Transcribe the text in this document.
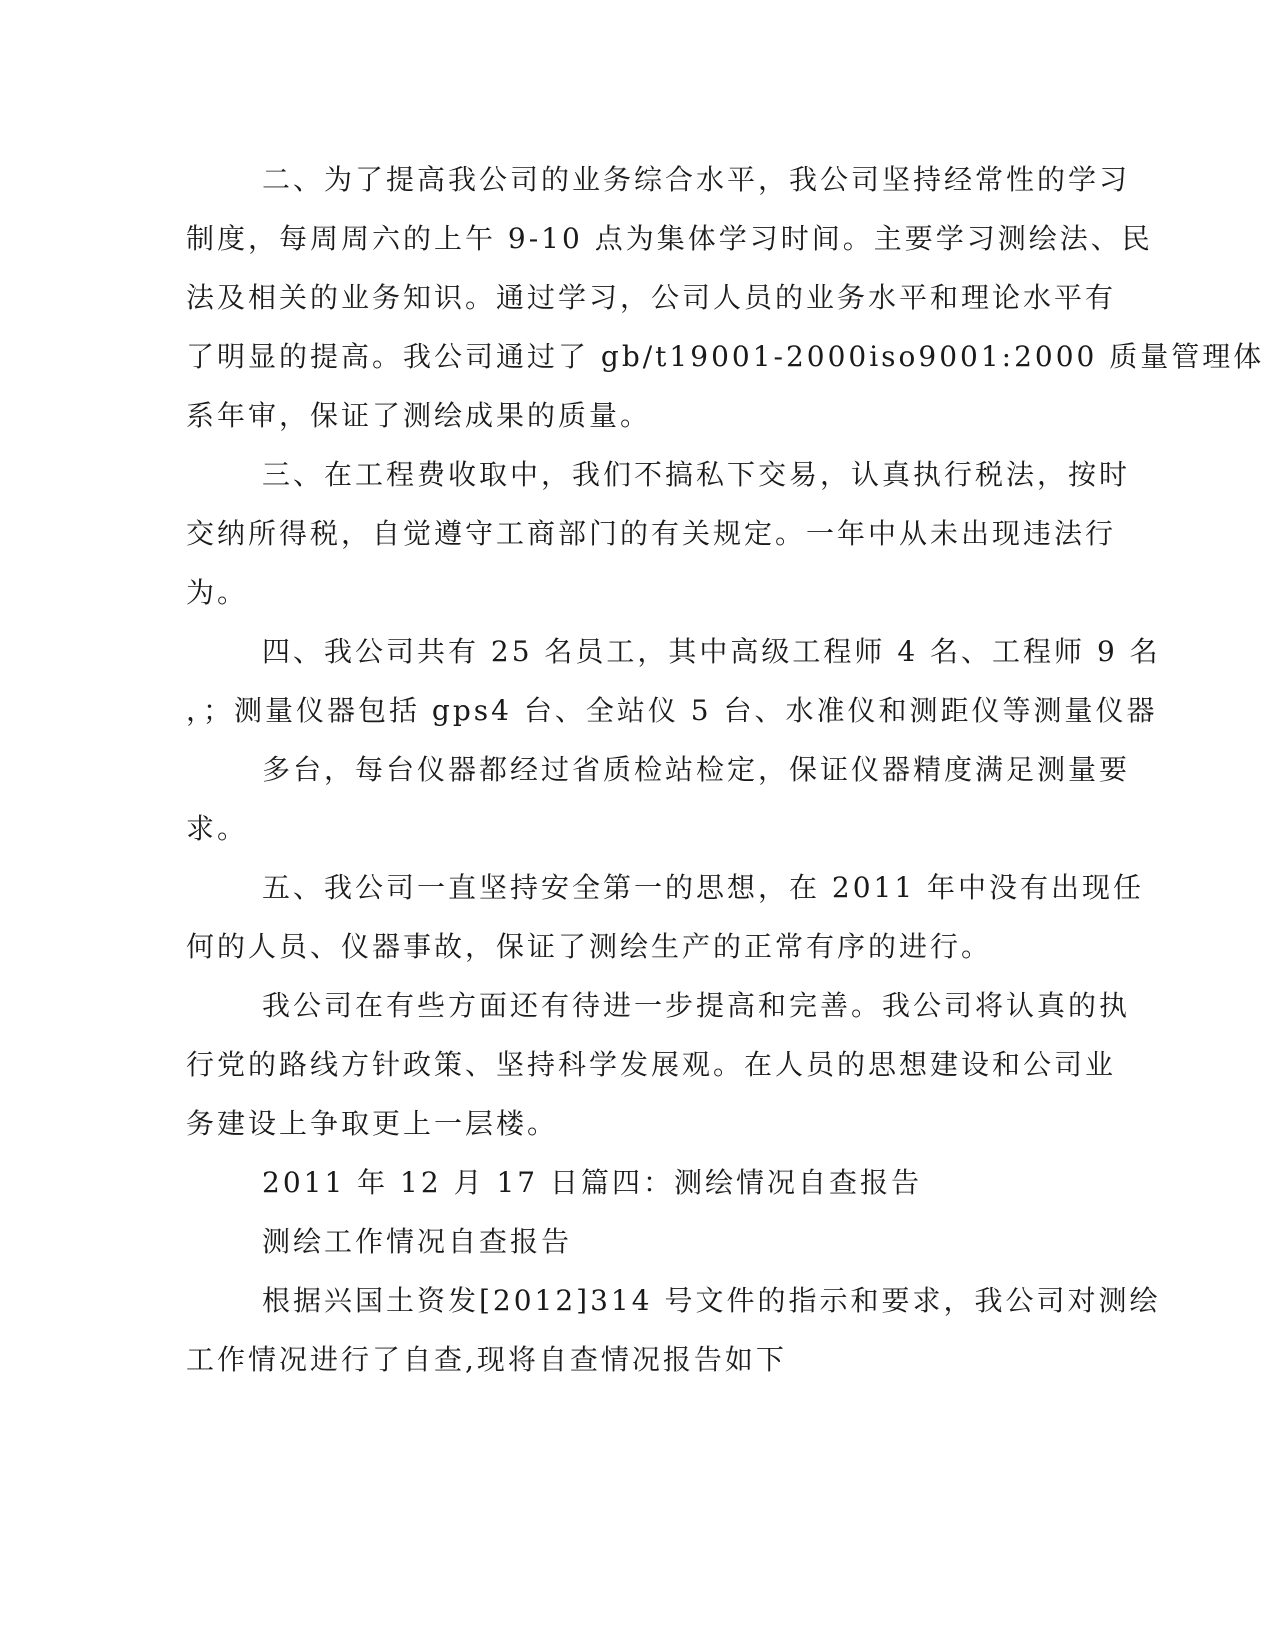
二、为了提高我公司的业务综合水平，我公司坚持经常性的学习
制度，每周周六的上午 9-10 点为集体学习时间。主要学习测绘法、民
法及相关的业务知识。通过学习，公司人员的业务水平和理论水平有
了明显的提高。我公司通过了 gb/t19001-2000iso9001:2000 质量管理体
系年审，保证了测绘成果的质量。
三、在工程费收取中，我们不搞私下交易，认真执行税法，按时
交纳所得税，自觉遵守工商部门的有关规定。一年中从未出现违法行
为。
四、我公司共有 25 名员工，其中高级工程师 4 名、工程师 9 名
，；测量仪器包括 gps4 台、全站仪 5 台、水准仪和测距仪等测量仪器
多台，每台仪器都经过省质检站检定，保证仪器精度满足测量要
求。
五、我公司一直坚持安全第一的思想，在 2011 年中没有出现任
何的人员、仪器事故，保证了测绘生产的正常有序的进行。
我公司在有些方面还有待进一步提高和完善。我公司将认真的执
行党的路线方针政策、坚持科学发展观。在人员的思想建设和公司业
务建设上争取更上一层楼。
2011 年 12 月 17 日篇四：测绘情况自查报告
测绘工作情况自查报告
根据兴国土资发[2012]314 号文件的指示和要求，我公司对测绘
工作情况进行了自查,现将自查情况报告如下
